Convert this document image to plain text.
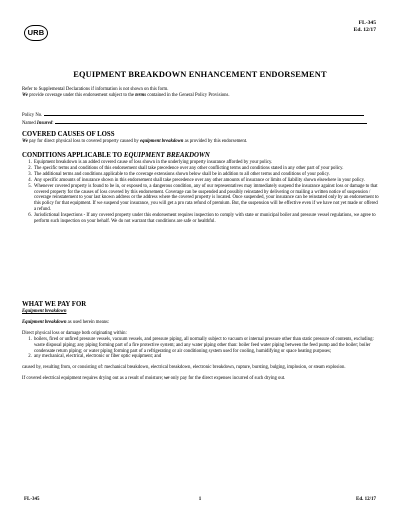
URB
FL-345
Ed. 12/17
EQUIPMENT BREAKDOWN ENHANCEMENT ENDORSEMENT

Refer to Supplemental Declarations if information is not shown on this form.

We provide coverage under this endorsement subject to the terms contained in the General Policy Provisions.

Policy No.

Named Insured:

COVERED CAUSES OF LOSS

We pay for direct physical loss to covered property caused by equipment breakdown as provided by this endorsement.

CONDITIONS APPLICABLE TO EQUIPMENT BREAKDOWN

1. Equipment breakdown is an added covered cause of loss shown in the underlying property insurance afforded by your policy.
2. The specific terms and conditions of this endorsement shall take precedence over any other conflicting terms and conditions stated in any other part of your policy.
3. The additional terms and conditions applicable to the coverage extensions shown below shall be in addition to all other terms and conditions of your policy.
4. Any specific amounts of insurance shown in this endorsement shall take precedence over any other amounts of insurance or limits of liability shown elsewhere in your policy.
5. Whenever covered property is found to be in, or exposed to, a dangerous condition, any of our representatives may immediately suspend the insurance against loss or damage to that covered property for the causes of loss covered by this endorsement. Coverage can be suspended and possibly reinstated by delivering or mailing a written notice of suspension / coverage reinstatement to your last known address or the address where the covered property is located. Once suspended, your insurance can be reinstated only by an endorsement to this policy for that equipment. If we suspend your insurance, you will get a pro rata refund of premium. But, the suspension will be effective even if we have not yet made or offered a refund.
6. Jurisdictional Inspections - If any covered property under this endorsement requires inspection to comply with state or municipal boiler and pressure vessel regulations, we agree to perform such inspection on your behalf. We do not warrant that conditions are safe or healthful.

WHAT WE PAY FOR

Equipment breakdown

Equipment breakdown as used herein means:

Direct physical loss or damage both originating within:

1. boilers, fired or unfired pressure vessels, vacuum vessels, and pressure piping, all normally subject to vacuum or internal pressure other than static pressure of contents, excluding: waste disposal piping; any piping forming part of a fire protective system; and any water piping other than: boiler feed water piping between the feed pump and the boiler; boiler condensate return piping; or water piping forming part of a refrigerating or air conditioning system used for cooling, humidifying or space heating purposes;
2. any mechanical, electrical, electronic or fiber optic equipment; and

caused by, resulting from, or consisting of: mechanical breakdown, electrical breakdown, electronic breakdown, rupture, bursting, bulging, implosion, or steam explosion.

If covered electrical equipment requires drying out as a result of moisture; we only pay for the direct expenses incurred of such drying out.

FL-345	1	Ed. 12/17
